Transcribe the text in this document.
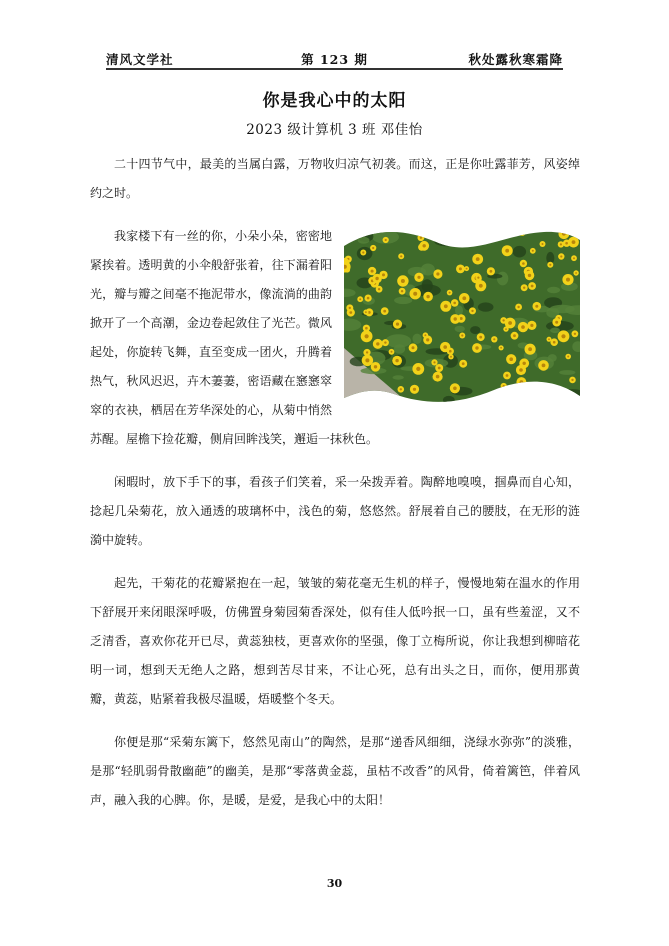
清风文学社	第 123 期	秋处露秋寒霜降
你是我心中的太阳
2023 级计算机 3 班 邓佳怡

二十四节气中，最美的当属白露，万物收归凉气初袭。而这，正是你吐露菲芳，风姿绰约之时。

我家楼下有一丝的你，小朵小朵，密密地紧挨着。透明黄的小伞般舒张着，往下漏着阳光，瓣与瓣之间毫不拖泥带水，像流淌的曲韵掀开了一个高潮，金边卷起敛住了光芒。微风起处，你旋转飞舞，直至变成一团火，升腾着热气，秋风迟迟，卉木萋萋，密语藏在窸窸窣窣的衣袂，栖居在芳华深处的心，从菊中悄然苏醒。屋檐下捡花瓣，侧肩回眸浅笑，邂逅一抹秋色。

闲暇时，放下手下的事，看孩子们笑着，采一朵拨弄着。陶醉地嗅嗅，掴鼻而自心知，捻起几朵菊花，放入通透的玻璃杯中，浅色的菊，悠悠然。舒展着自己的腰肢，在无形的涟漪中旋转。

起先，干菊花的花瓣紧抱在一起，皱皱的菊花毫无生机的样子，慢慢地菊在温水的作用下舒展开来闭眼深呼吸，仿佛置身菊园菊香深处，似有佳人低吟抿一口，虽有些羞涩，又不乏清香，喜欢你花开已尽，黄蕊独枝，更喜欢你的坚强，像丁立梅所说，你让我想到柳暗花明一词，想到天无绝人之路，想到苦尽甘来，不让心死，总有出头之日，而你，便用那黄瓣，黄蕊，贴紧着我极尽温暖，焐暖整个冬天。

你便是那“采菊东篱下，悠然见南山”的陶然，是那“递香风细细，浇绿水弥弥”的淡雅，是那“轻肌弱骨散幽葩”的幽美，是那“零落黄金蕊，虽枯不改香”的风骨，倚着篱笆，伴着风声，融入我的心脾。你，是暖，是爱，是我心中的太阳！

30
